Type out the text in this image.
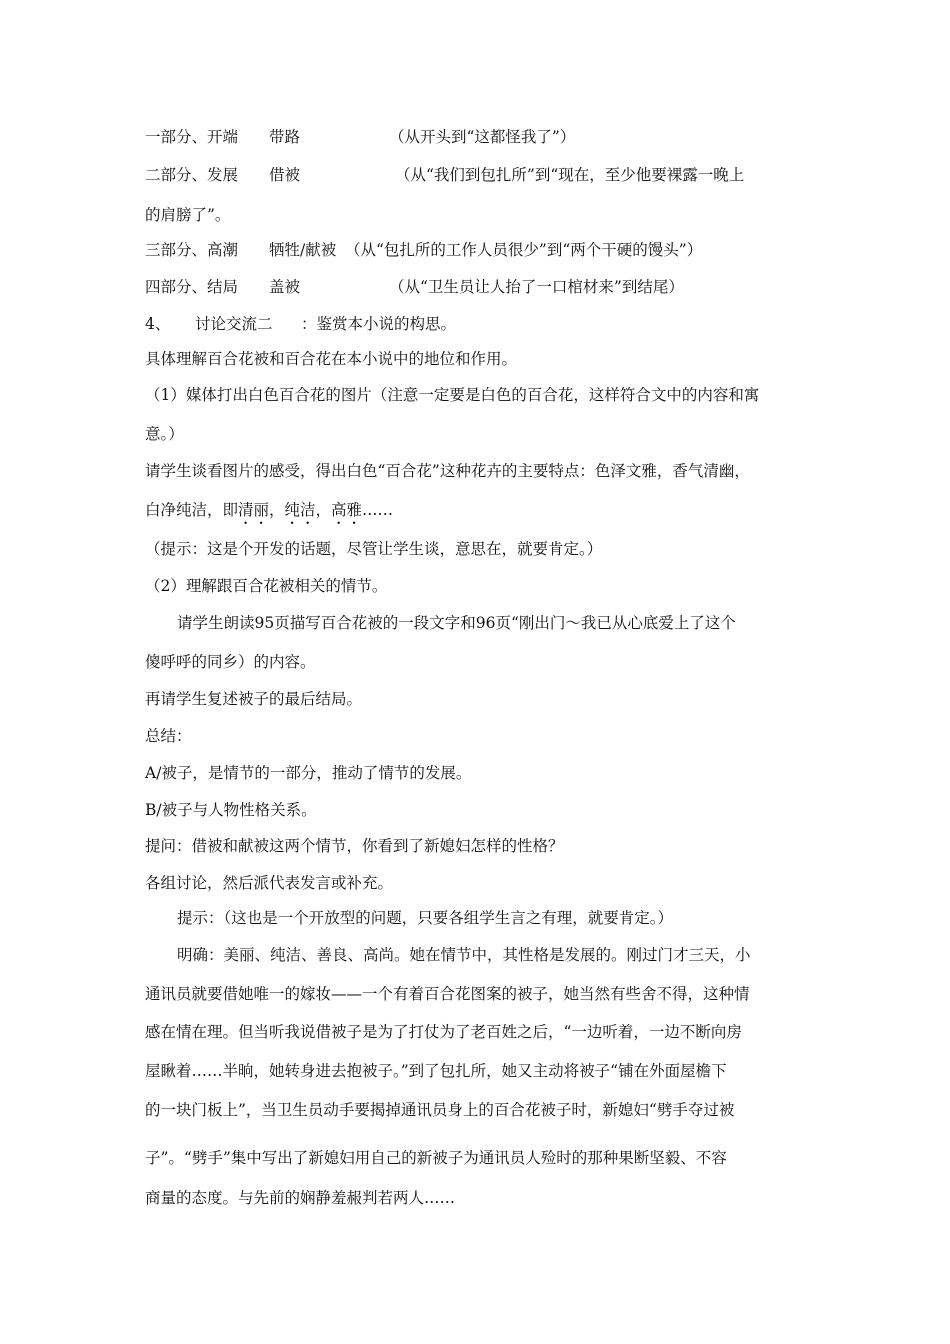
一部分、开端 带路	（从开头到“这都怪我了”）
二部分、发展 借被	（从“我们到包扎所”到“现在，至少他要裸露一晚上
的肩膀了”。
三部分、高潮 牺牲/献被 （从“包扎所的工作人员很少”到“两个干硬的馒头”）
四部分、结局 盖被	（从“卫生员让人抬了一口棺材来”到结尾）
4、 讨论交流二 ：鉴赏本小说的构思。
具体理解百合花被和百合花在本小说中的地位和作用。
（1）媒体打出白色百合花的图片（注意一定要是白色的百合花，这样符合文中的内容和寓
意。）
请学生谈看图片的感受，得出白色“百合花”这种花卉的主要特点：色泽文雅，香气清幽，
白净纯洁，即清丽，纯洁，高雅……
（提示：这是个开发的话题，尽管让学生谈，意思在，就要肯定。）
（2）理解跟百合花被相关的情节。
请学生朗读95页描写百合花被的一段文字和96页“刚出门～我已从心底爱上了这个
傻呼呼的同乡）的内容。
再请学生复述被子的最后结局。
总结：
A/被子，是情节的一部分，推动了情节的发展。
B/被子与人物性格关系。
提问：借被和献被这两个情节，你看到了新媳妇怎样的性格？
各组讨论，然后派代表发言或补充。
提示：（这也是一个开放型的问题，只要各组学生言之有理，就要肯定。）
明确：美丽、纯洁、善良、高尚。她在情节中，其性格是发展的。刚过门才三天，小
通讯员就要借她唯一的嫁妆——一个有着百合花图案的被子，她当然有些舍不得，这种情
感在情在理。但当听我说借被子是为了打仗为了老百姓之后，“一边听着，一边不断向房
屋瞅着……半晌，她转身进去抱被子。”到了包扎所，她又主动将被子“铺在外面屋檐下
的一块门板上”，当卫生员动手要揭掉通讯员身上的百合花被子时，新媳妇“劈手夺过被
子”。“劈手”集中写出了新媳妇用自己的新被子为通讯员人殓时的那种果断坚毅、不容
商量的态度。与先前的娴静羞赧判若两人……
